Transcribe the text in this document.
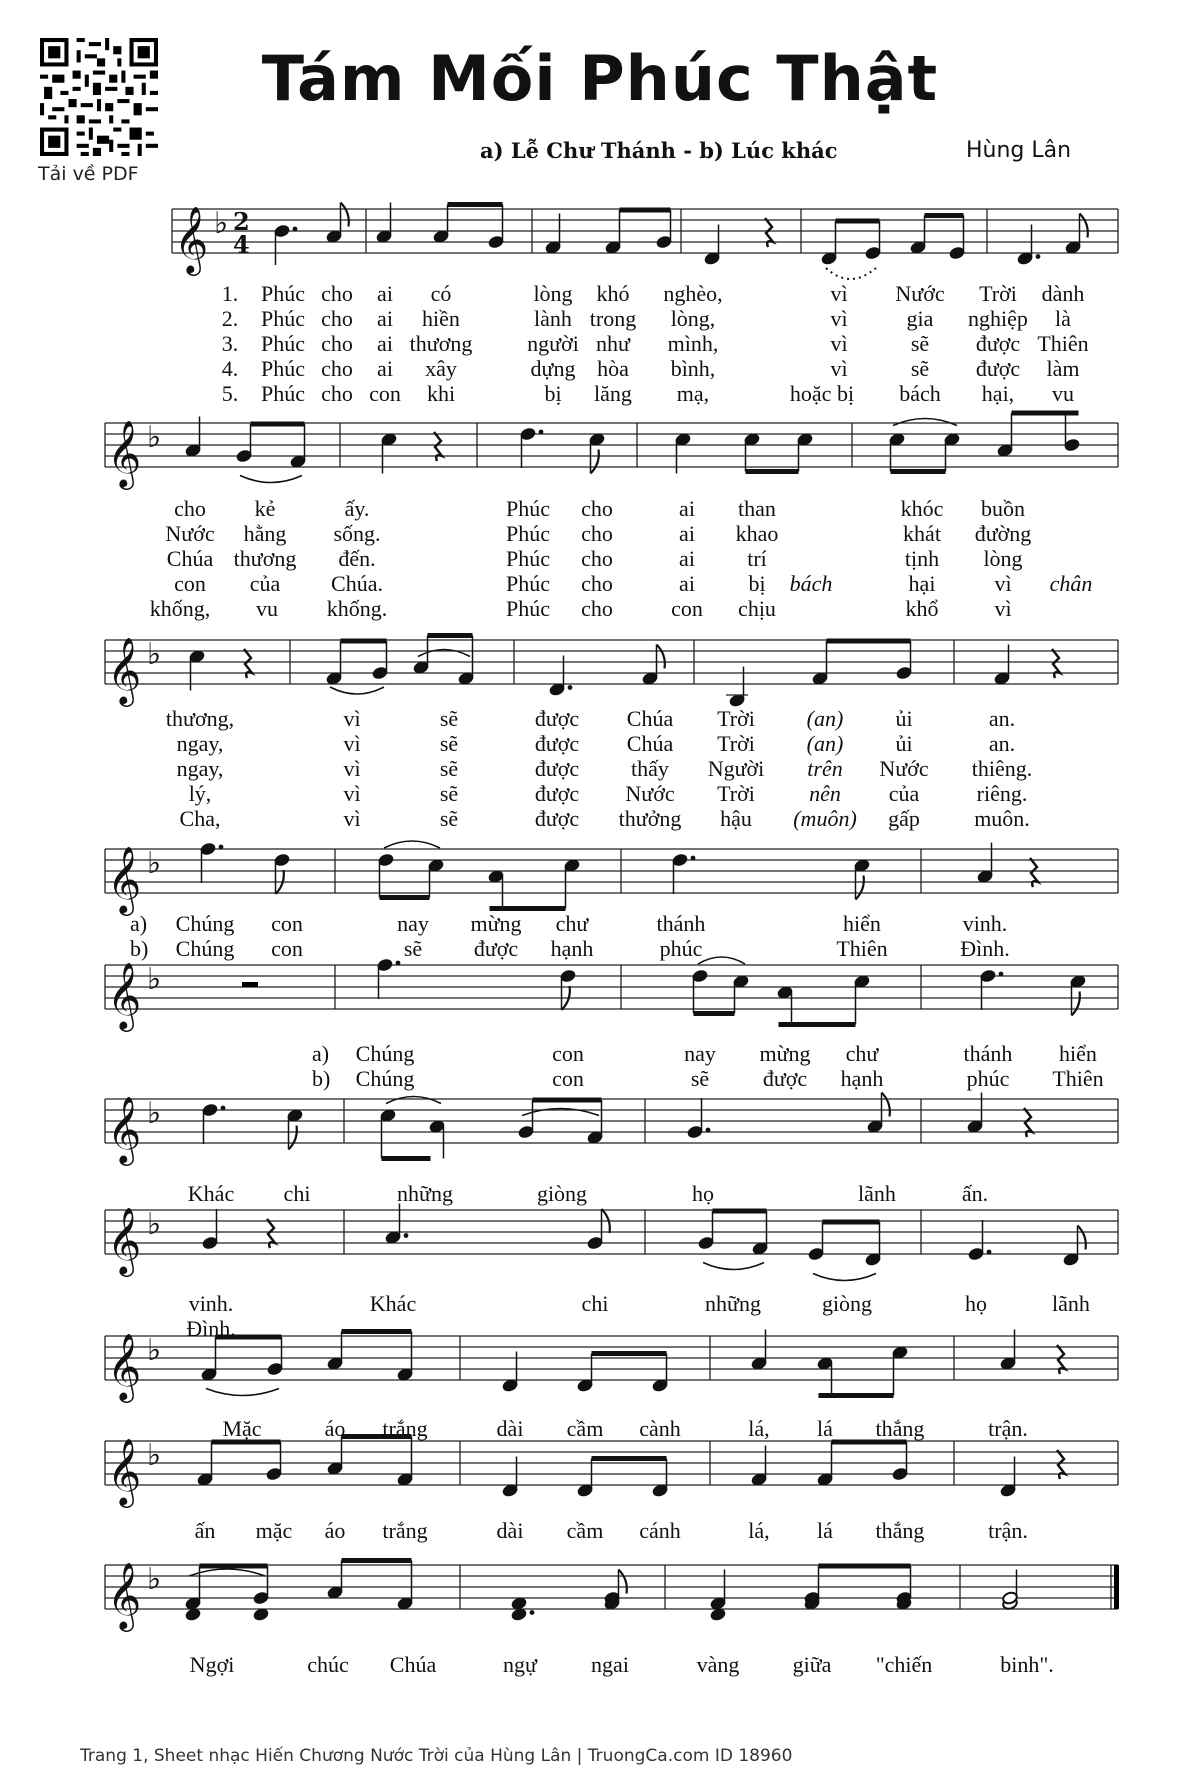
Tải về PDF
Tám Mối Phúc Thật
a) Lễ Chư Thánh - b) Lúc khác	Hùng Lân
𝄞 ♭ 2
4
𝄞 ♭
𝄞 ♭
𝄞 ♭
𝄞 ♭
𝄞 ♭
𝄞 ♭
𝄞 ♭
𝄞 ♭
𝄞 ♭
1.
2.
3.
4.
5.
Phúc cho ai có	lòng khó nghèo,	vì Nước Trời dành
Phúc cho ai hiền	lành trong lòng,	vì	gia nghiệp là
Phúc cho ai thương người như mình,	vì	sẽ được Thiên
Phúc cho ai xây	dựng hòa bình,	vì	sẽ được làm
Phúc cho con khi	bị lăng mạ,	hoặc bị bách hại, vu
cho kẻ	ấy.	Phúc cho	ai than	khóc buồn
Nước hằng sống.	Phúc cho	ai khao	khát đường
Chúa thương đến.	Phúc cho	ai trí	tịnh lòng
con của Chúa.	Phúc cho	ai bị bách	hại	vì chân
khống, vu khống.	Phúc cho	con chịu	khổ	vì
thương,	vì	sẽ	được Chúa Trời (an) ủi	an.
ngay,	vì	sẽ	được Chúa Trời (an) ủi	an.
ngay,	vì	sẽ	được thấy Người trên Nước thiêng.
lý,	vì	sẽ	được Nước Trời nên của	riêng.
Cha,	vì	sẽ	được thưởng hậu (muôn) gấp muôn.
a)
b)
a)
b)
Chúng con	nay mừng chư	thánh	hiển	vinh.
Chúng con	sẽ được hạnh	phúc	Thiên	Đình.
Chúng	con	nay mừng chư	thánh hiển
Chúng	con	sẽ được hạnh	phúc Thiên
Khác chi	những	giòng	họ	lãnh	ấn.
vinh.	Khác	chi	những	giòng	họ	lãnh
Đình.
Mặc	áo trắng	dài cầm cành	lá, lá thắng	trận.
ấn mặc áo trắng	dài cầm cánh	lá, lá thắng	trận.
Ngợi	chúc Chúa	ngự ngai	vàng giữa "chiến	binh".
Trang 1, Sheet nhạc Hiến Chương Nước Trời của Hùng Lân | TruongCa.com ID 18960
